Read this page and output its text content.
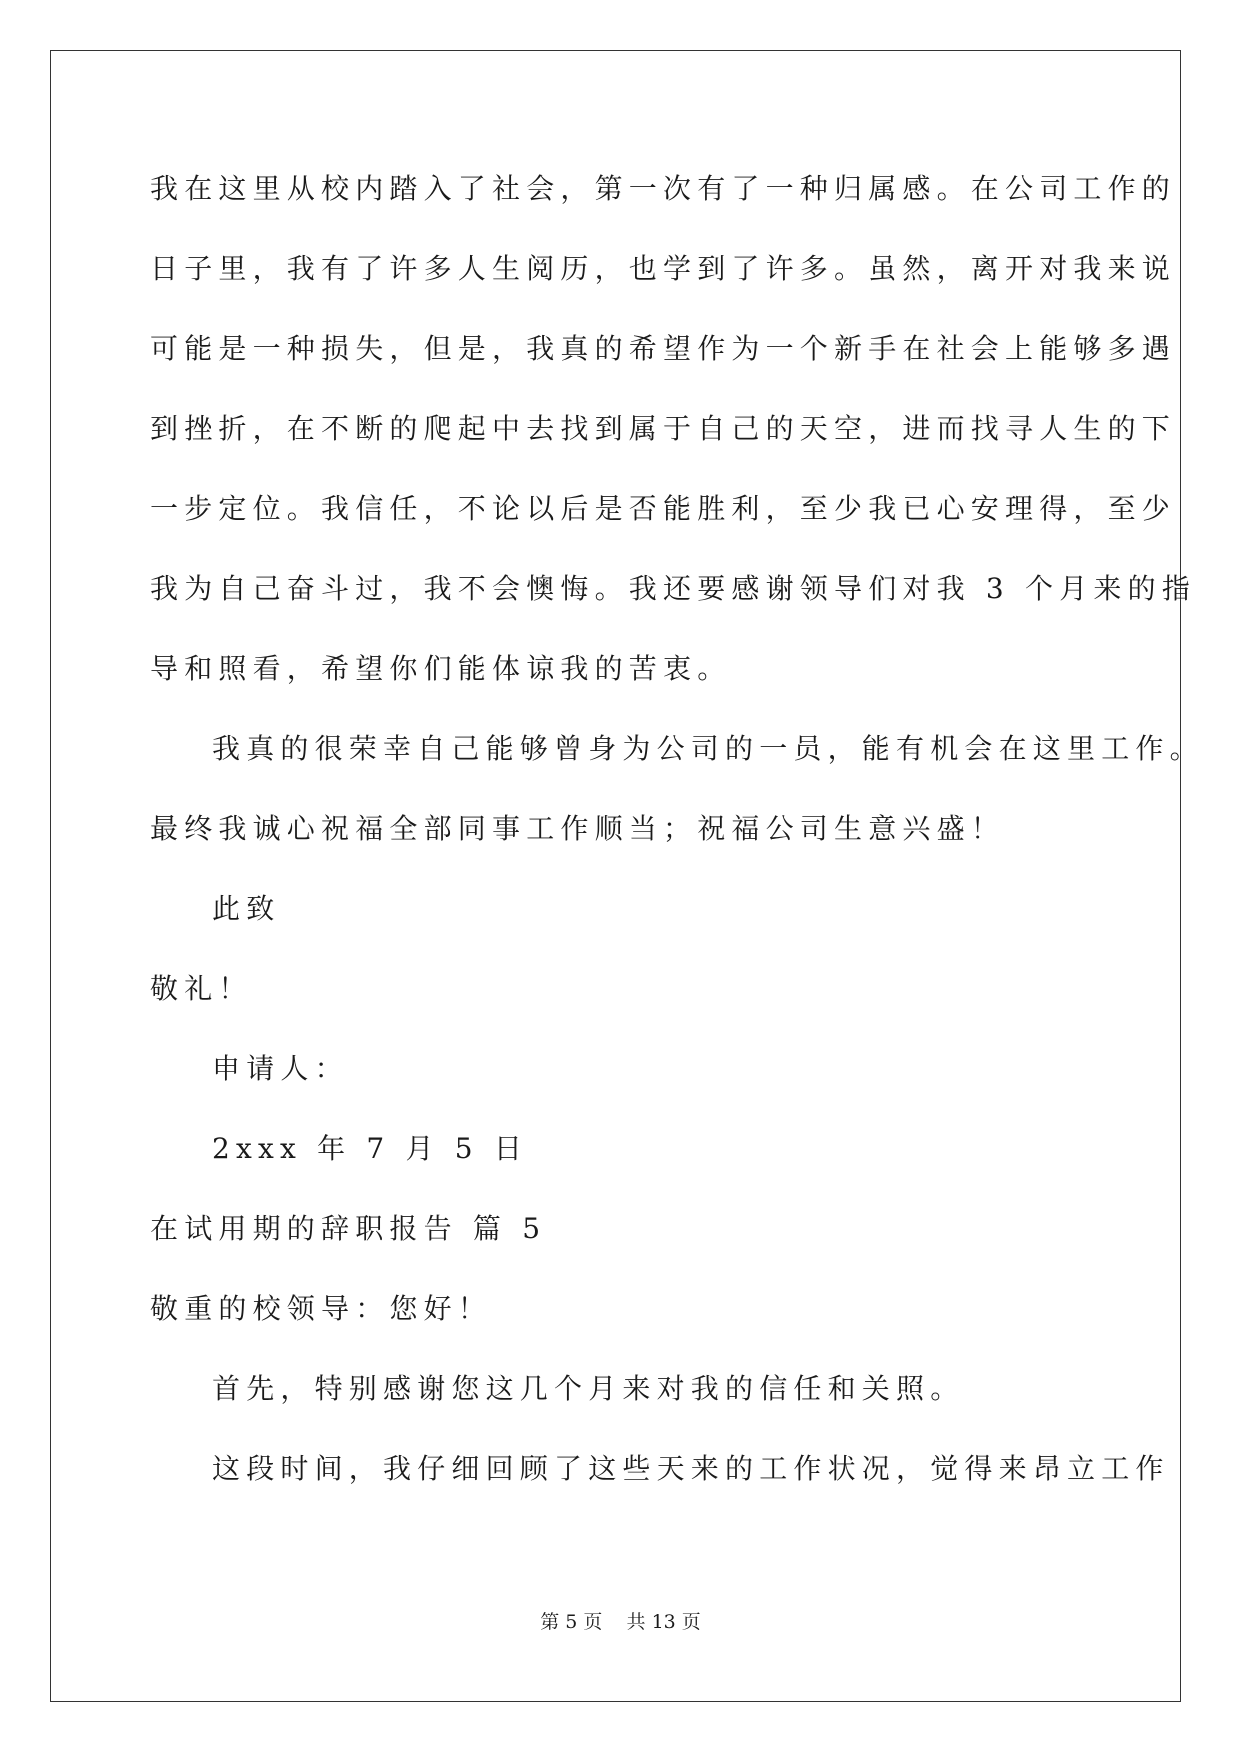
我在这里从校内踏入了社会，第一次有了一种归属感。在公司工作的
日子里，我有了许多人生阅历，也学到了许多。虽然，离开对我来说
可能是一种损失，但是，我真的希望作为一个新手在社会上能够多遇
到挫折，在不断的爬起中去找到属于自己的天空，进而找寻人生的下
一步定位。我信任，不论以后是否能胜利，至少我已心安理得，至少
我为自己奋斗过，我不会懊悔。我还要感谢领导们对我 3 个月来的指
导和照看，希望你们能体谅我的苦衷。
我真的很荣幸自己能够曾身为公司的一员，能有机会在这里工作。
最终我诚心祝福全部同事工作顺当；祝福公司生意兴盛！
此致
敬礼！
申请人：
2xxx 年 7 月 5 日
在试用期的辞职报告 篇 5
敬重的校领导：您好！
首先，特别感谢您这几个月来对我的信任和关照。
这段时间，我仔细回顾了这些天来的工作状况，觉得来昂立工作
第 5 页    共 13 页
